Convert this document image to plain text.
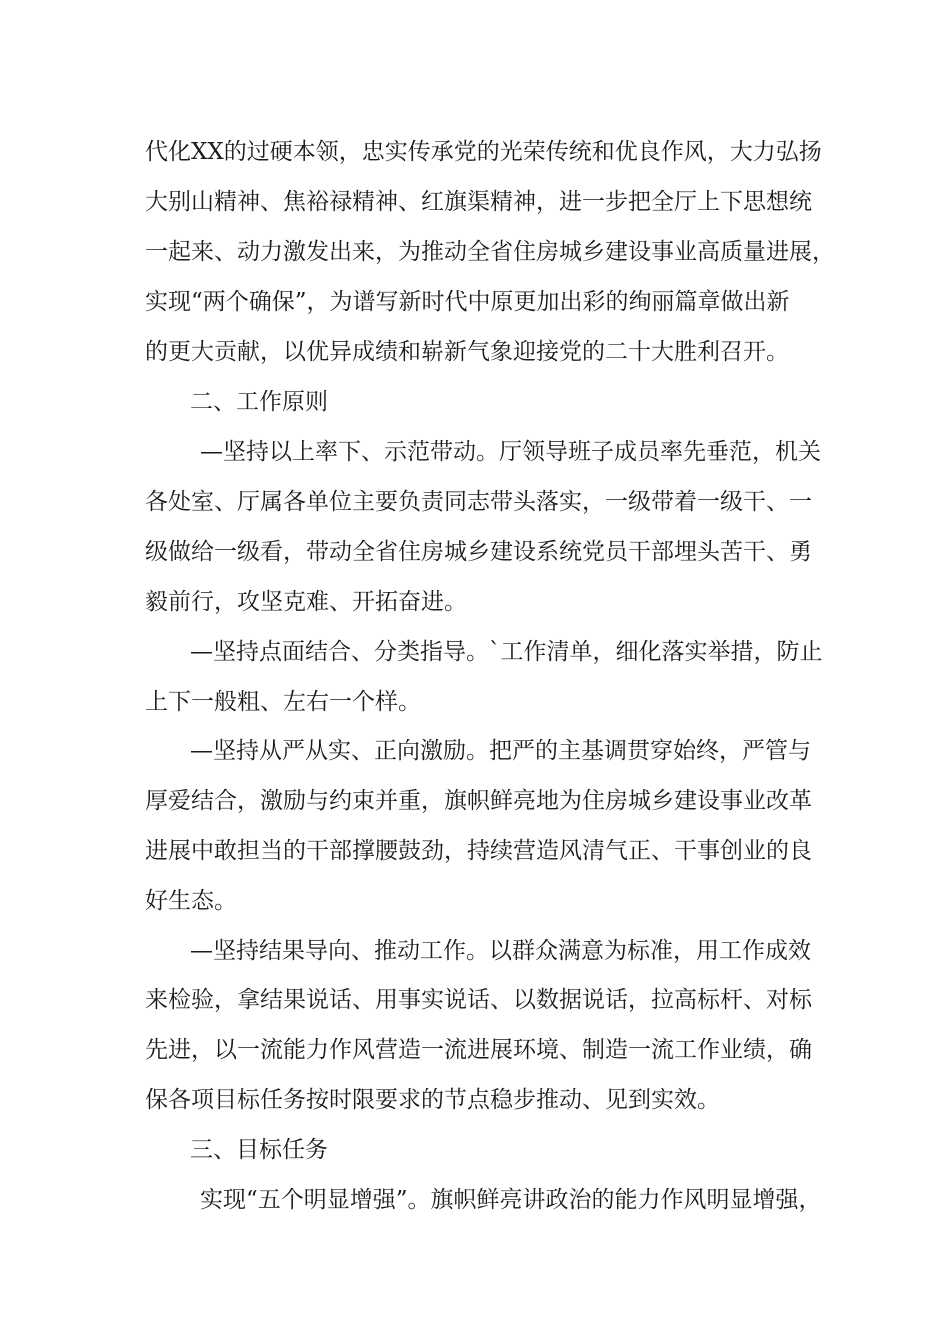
代化XX的过硬本领，忠实传承党的光荣传统和优良作风，大力弘扬
大别山精神、焦裕禄精神、红旗渠精神，进一步把全厅上下思想统
一起来、动力激发出来，为推动全省住房城乡建设事业高质量进展，
实现“两个确保”，为谱写新时代中原更加出彩的绚丽篇章做出新
的更大贡献，以优异成绩和崭新气象迎接党的二十大胜利召开。
二、工作原则
—坚持以上率下、示范带动。厅领导班子成员率先垂范，机关
各处室、厅属各单位主要负责同志带头落实，一级带着一级干、一
级做给一级看，带动全省住房城乡建设系统党员干部埋头苦干、勇
毅前行，攻坚克难、开拓奋进。
—坚持点面结合、分类指导。`工作清单，细化落实举措，防止
上下一般粗、左右一个样。
—坚持从严从实、正向激励。把严的主基调贯穿始终，严管与
厚爱结合，激励与约束并重，旗帜鲜亮地为住房城乡建设事业改革
进展中敢担当的干部撑腰鼓劲，持续营造风清气正、干事创业的良
好生态。
—坚持结果导向、推动工作。以群众满意为标准，用工作成效
来检验，拿结果说话、用事实说话、以数据说话，拉高标杆、对标
先进，以一流能力作风营造一流进展环境、制造一流工作业绩，确
保各项目标任务按时限要求的节点稳步推动、见到实效。
三、目标任务
实现“五个明显增强”。旗帜鲜亮讲政治的能力作风明显增强，
